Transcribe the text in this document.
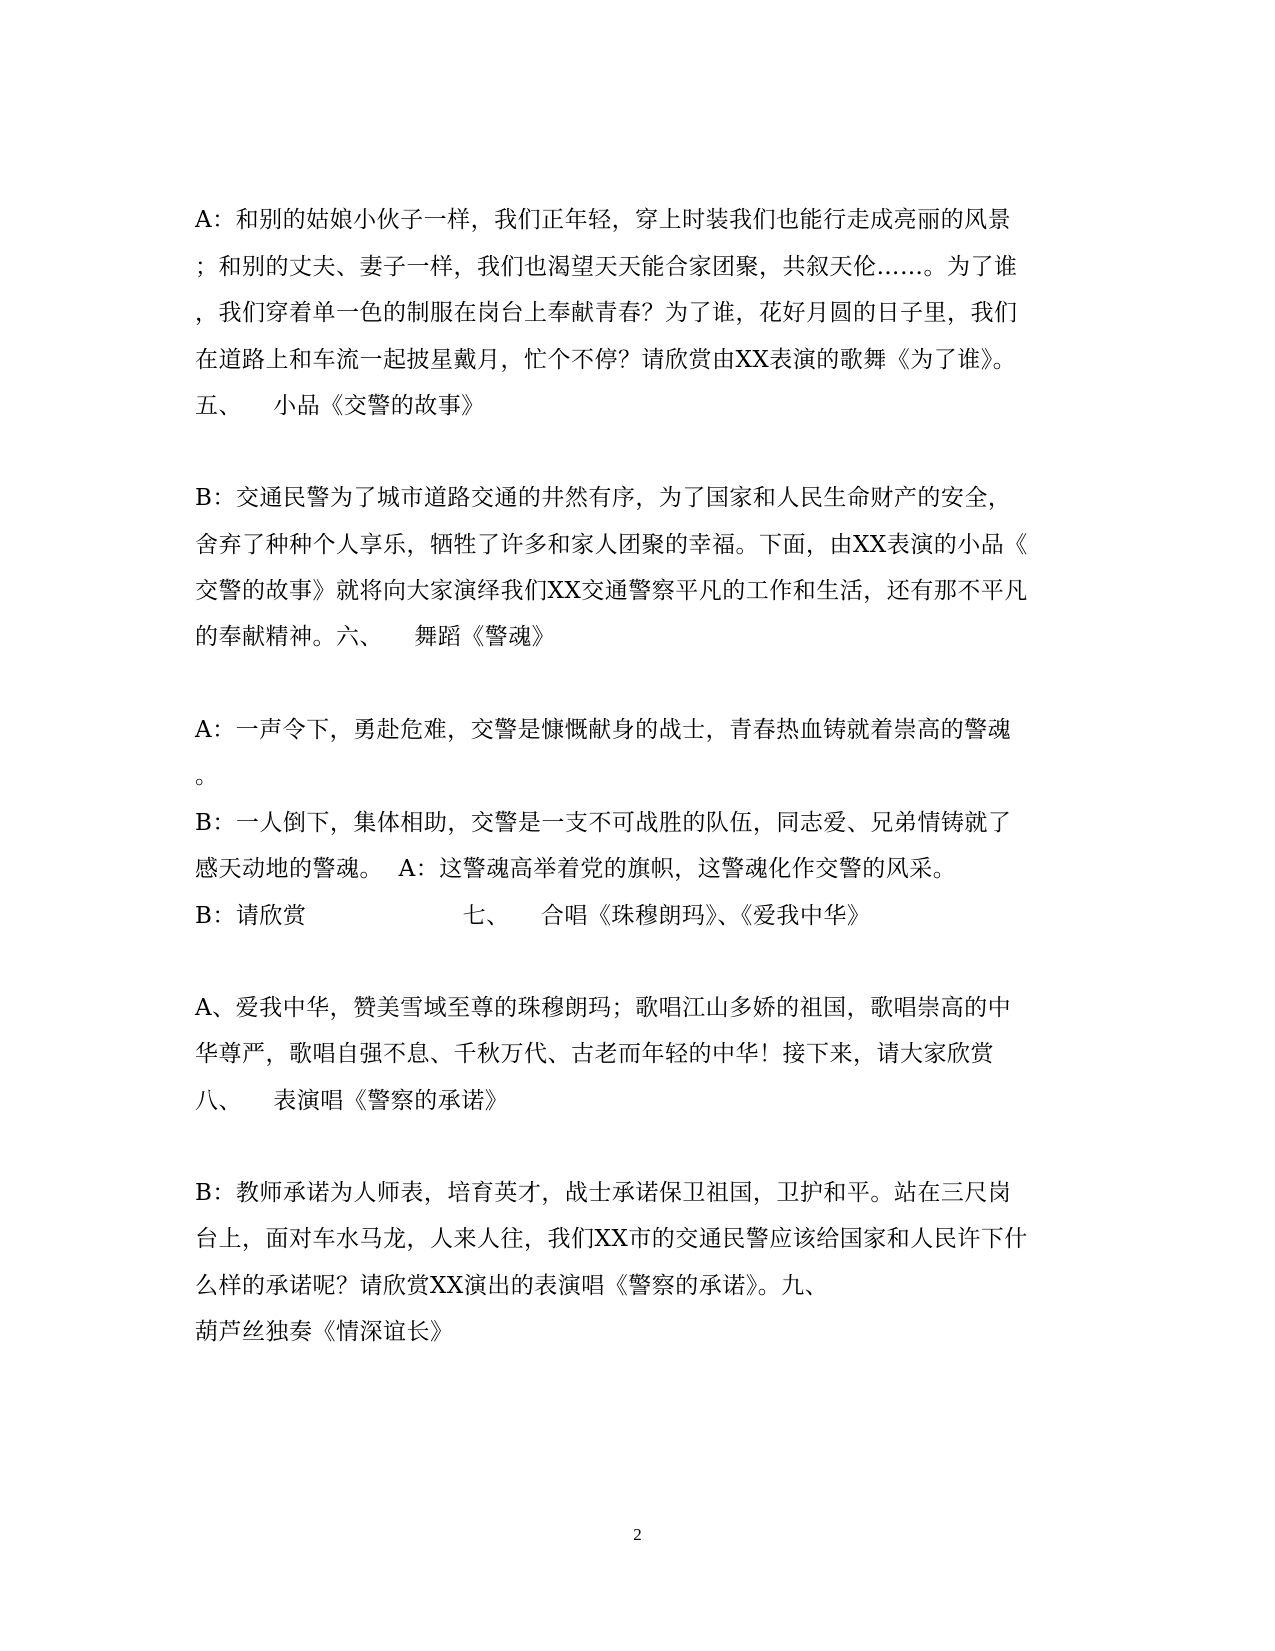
A：和别的姑娘小伙子一样，我们正年轻，穿上时装我们也能行走成亮丽的风景
；和别的丈夫、妻子一样，我们也渴望天天能合家团聚，共叙天伦……。为了谁
，我们穿着单一色的制服在岗台上奉献青春？为了谁，花好月圆的日子里，我们
在道路上和车流一起披星戴月，忙个不停？请欣赏由XX表演的歌舞《为了谁》。
五、    小品《交警的故事》
B：交通民警为了城市道路交通的井然有序，为了国家和人民生命财产的安全，
舍弃了种种个人享乐，牺牲了许多和家人团聚的幸福。下面，由XX表演的小品《
交警的故事》就将向大家演绎我们XX交通警察平凡的工作和生活，还有那不平凡
的奉献精神。六、    舞蹈《警魂》
A：一声令下，勇赴危难，交警是慷慨献身的战士，青春热血铸就着崇高的警魂
。
B：一人倒下，集体相助，交警是一支不可战胜的队伍，同志爱、兄弟情铸就了
感天动地的警魂。  A：这警魂高举着党的旗帜，这警魂化作交警的风采。
B：请欣赏                    七、    合唱《珠穆朗玛》、《爱我中华》
A、爱我中华，赞美雪域至尊的珠穆朗玛；歌唱江山多娇的祖国，歌唱崇高的中
华尊严，歌唱自强不息、千秋万代、古老而年轻的中华！接下来，请大家欣赏
八、    表演唱《警察的承诺》
B：教师承诺为人师表，培育英才，战士承诺保卫祖国，卫护和平。站在三尺岗
台上，面对车水马龙，人来人往，我们XX市的交通民警应该给国家和人民许下什
么样的承诺呢？请欣赏XX演出的表演唱《警察的承诺》。九、
葫芦丝独奏《情深谊长》
2
